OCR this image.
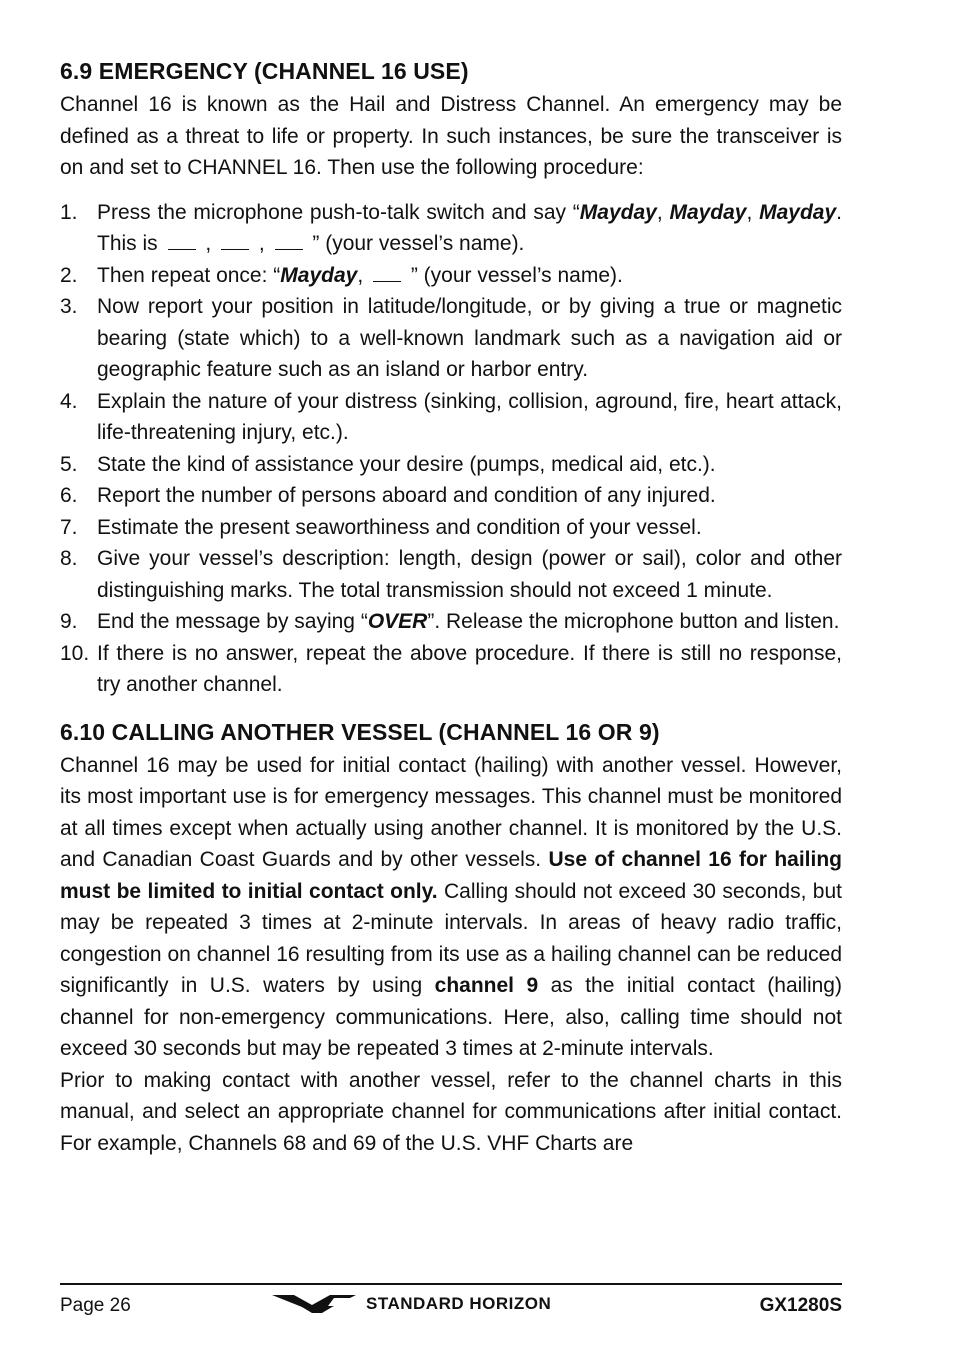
6.9 EMERGENCY (CHANNEL 16 USE)

Channel 16 is known as the Hail and Distress Channel. An emergency may be defined as a threat to life or property. In such instances, be sure the transceiver is on and set to CHANNEL 16. Then use the following procedure:

1. Press the microphone push-to-talk switch and say “Mayday, Mayday, Mayday. This is  ,  ,  ” (your vessel’s name).
2. Then repeat once: “Mayday,  ” (your vessel’s name).
3. Now report your position in latitude/longitude, or by giving a true or magnetic bearing (state which) to a well-known landmark such as a navigation aid or geographic feature such as an island or harbor entry.
4. Explain the nature of your distress (sinking, collision, aground, fire, heart attack, life-threatening injury, etc.).
5. State the kind of assistance your desire (pumps, medical aid, etc.).
6. Report the number of persons aboard and condition of any injured.
7. Estimate the present seaworthiness and condition of your vessel.
8. Give your vessel’s description: length, design (power or sail), color and other distinguishing marks. The total transmission should not exceed 1 minute.
9. End the message by saying “OVER”. Release the microphone button and listen.
10. If there is no answer, repeat the above procedure. If there is still no response, try another channel.
6.10 CALLING ANOTHER VESSEL (CHANNEL 16 OR 9)

Channel 16 may be used for initial contact (hailing) with another vessel. However, its most important use is for emergency messages. This channel must be monitored at all times except when actually using another channel. It is monitored by the U.S. and Canadian Coast Guards and by other vessels. Use of channel 16 for hailing must be limited to initial contact only. Calling should not exceed 30 seconds, but may be repeated 3 times at 2-minute intervals. In areas of heavy radio traffic, congestion on channel 16 resulting from its use as a hailing channel can be reduced significantly in U.S. waters by using channel 9 as the initial contact (hailing) channel for non-emergency communications. Here, also, calling time should not exceed 30 seconds but may be repeated 3 times at 2-minute intervals.

Prior to making contact with another vessel, refer to the channel charts in this manual, and select an appropriate channel for communications after initial contact. For example, Channels 68 and 69 of the U.S. VHF Charts are

Page 26	STANDARD HORIZON	GX1280S
